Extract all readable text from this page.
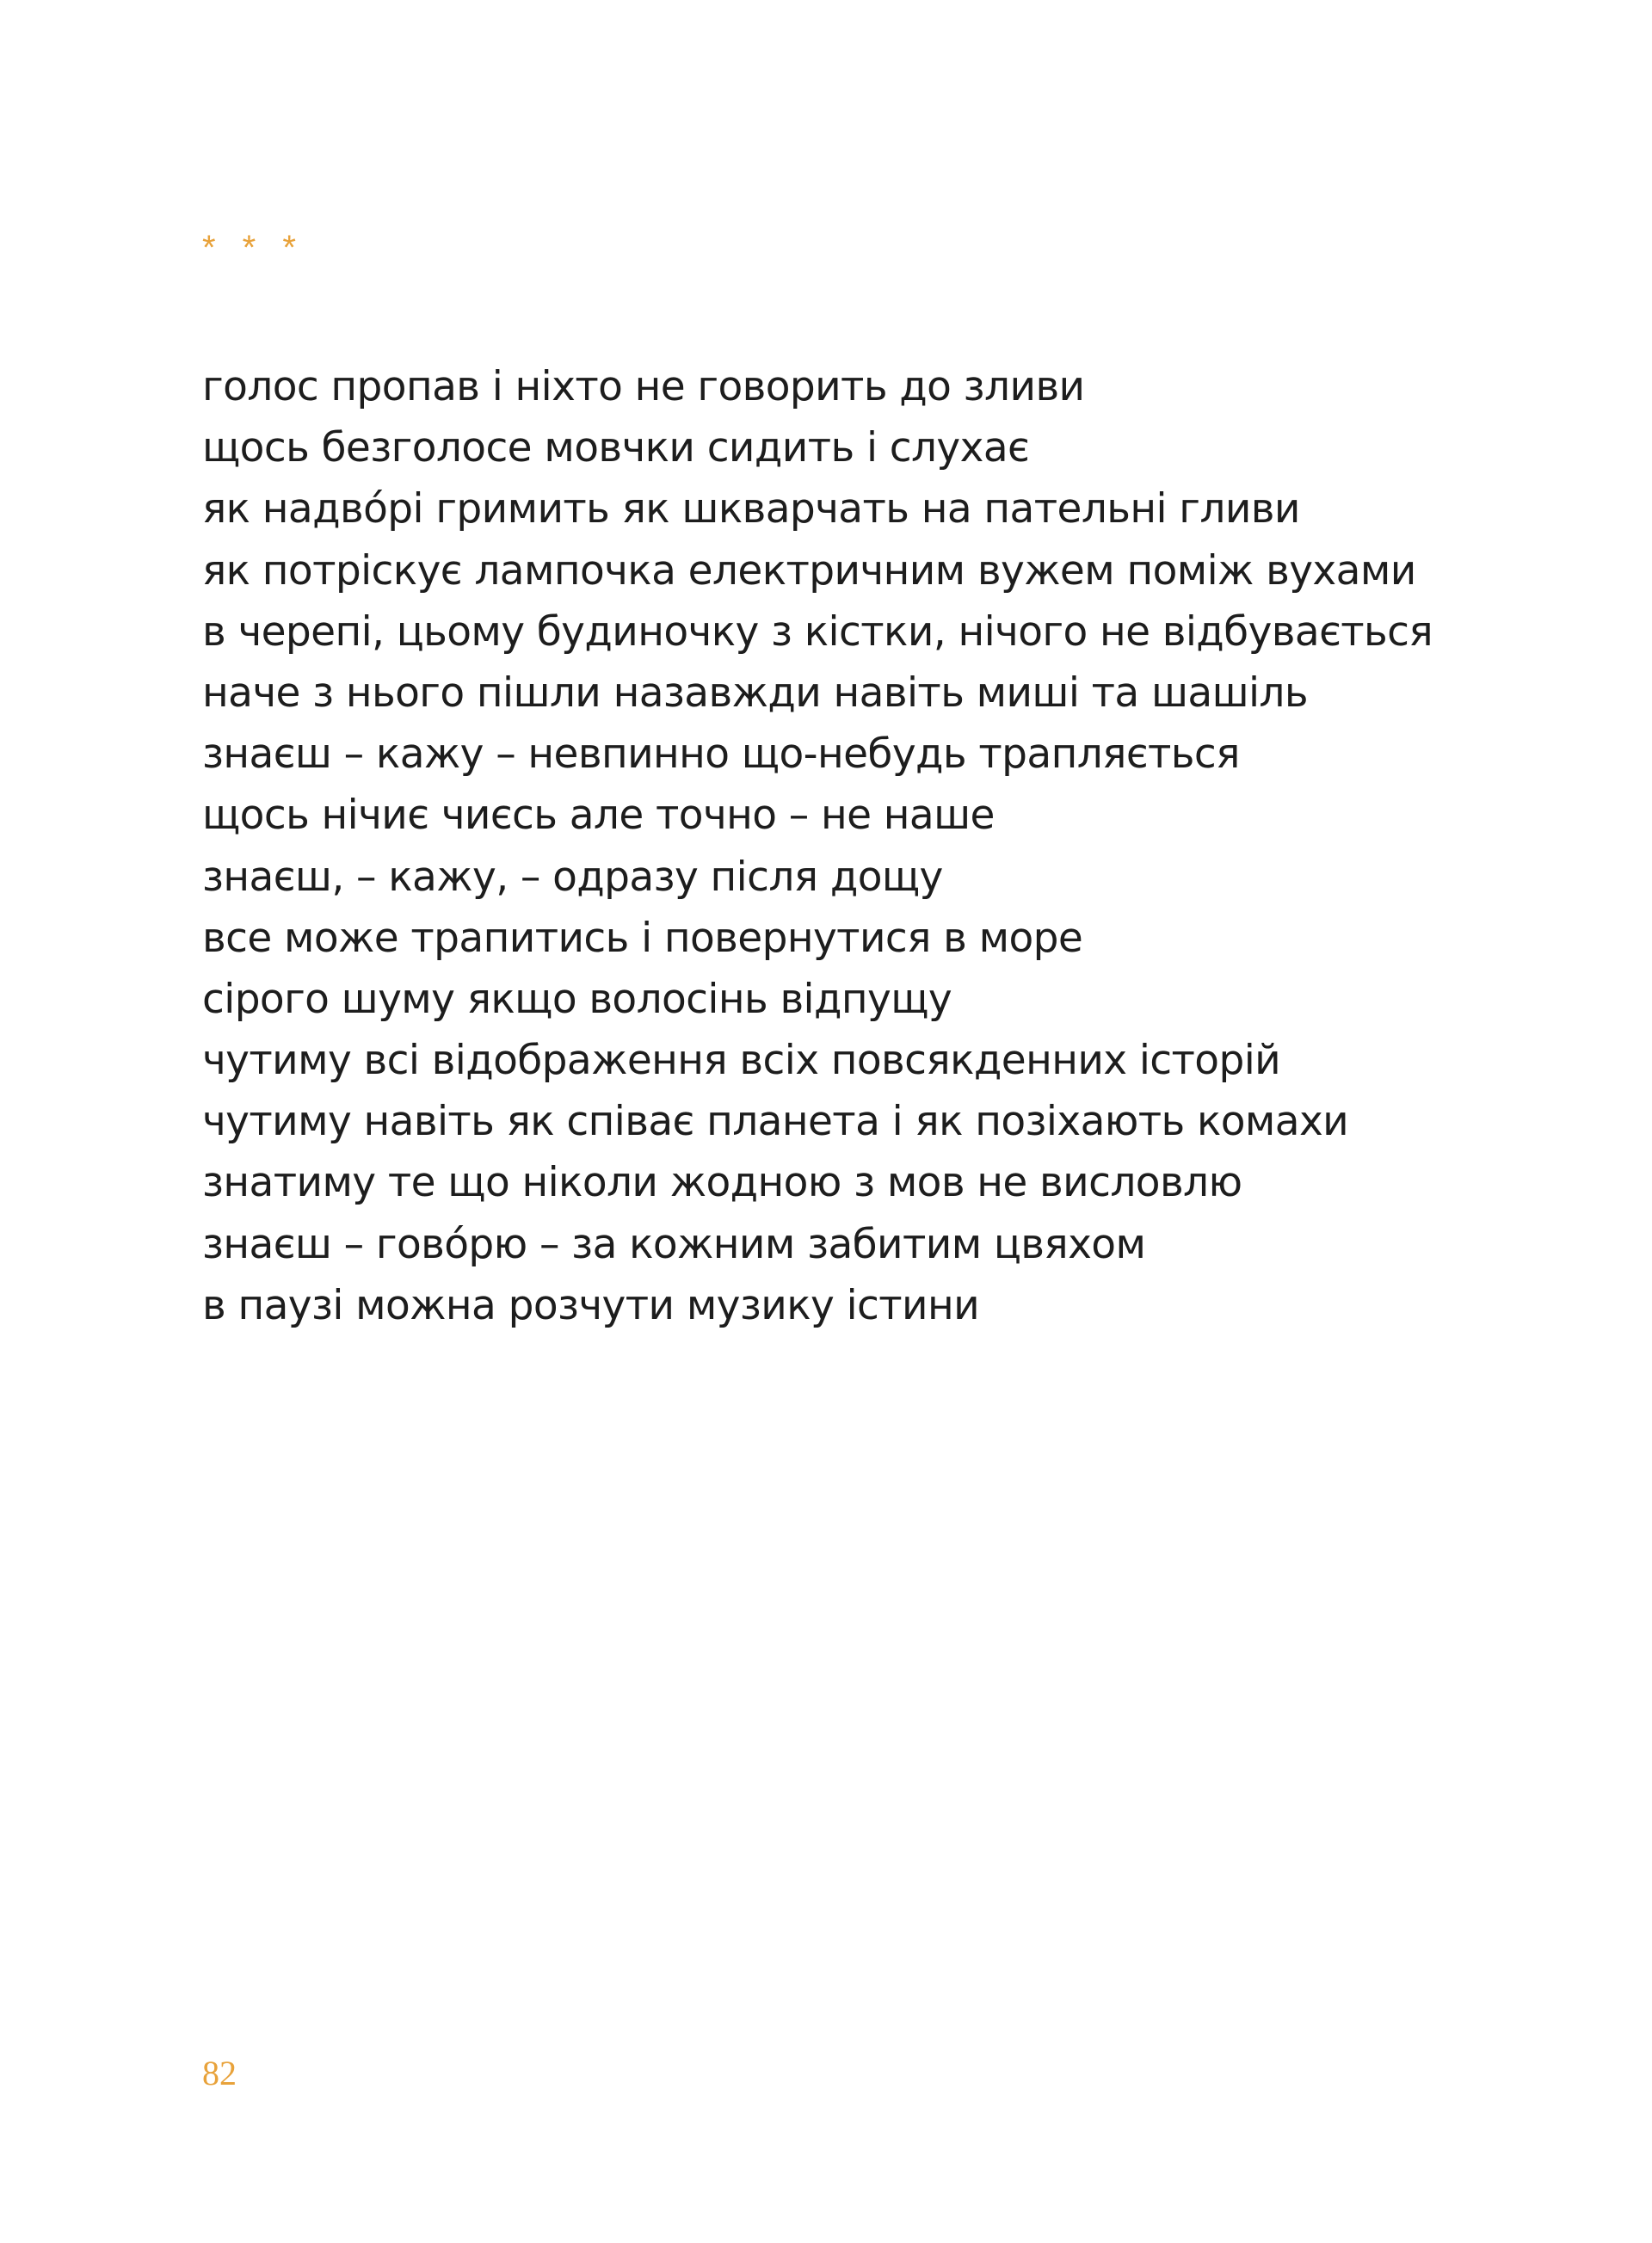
* * *
голос пропав і ніхто не говорить до зливи
щось безголосе мовчки сидить і слухає
як надвóрі гримить як шкварчать на пательні гливи
як потріскує лампочка електричним вужем поміж вухами
в черепі, цьому будиночку з кістки, нічого не відбувається
наче з нього пішли назавжди навіть миші та шашіль
знаєш – кажу – невпинно що-небудь трапляється
щось нічиє чиєсь але точно – не наше
знаєш, – кажу, – одразу після дощу
все може трапитись і повернутися в море
сірого шуму якщо волосінь відпущу
чутиму всі відображення всіх повсякденних історій
чутиму навіть як співає планета і як позіхають комахи
знатиму те що ніколи жодною з мов не висловлю
знаєш – говóрю – за кожним забитим цвяхом
в паузі можна розчути музику істини
82
